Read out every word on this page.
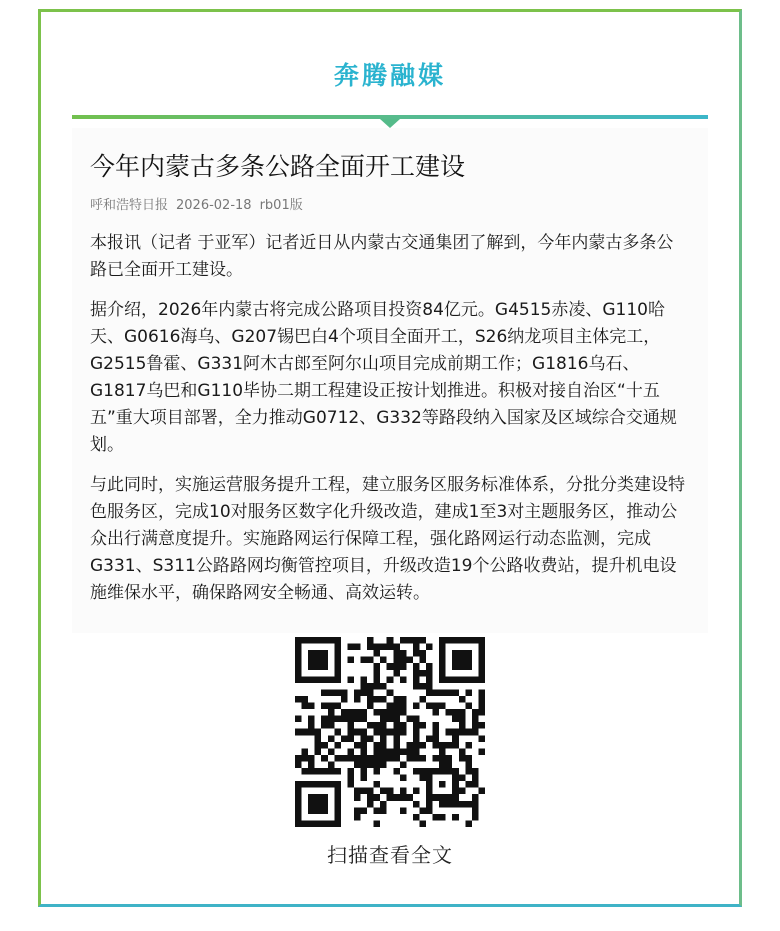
奔腾融媒
今年内蒙古多条公路全面开工建设
呼和浩特日报 2026-02-18 rb01版

本报讯（记者 于亚军）记者近日从内蒙古交通集团了解到，今年内蒙古多条公路已全面开工建设。

据介绍，2026年内蒙古将完成公路项目投资84亿元。G4515赤凌、G110哈天、G0616海乌、G207锡巴白4个项目全面开工，S26纳龙项目主体完工，G2515鲁霍、G331阿木古郎至阿尔山项目完成前期工作；G1816乌石、G1817乌巴和G110毕协二期工程建设正按计划推进。积极对接自治区“十五五”重大项目部署，全力推动G0712、G332等路段纳入国家及区域综合交通规划。

与此同时，实施运营服务提升工程，建立服务区服务标准体系，分批分类建设特色服务区，完成10对服务区数字化升级改造，建成1至3对主题服务区，推动公众出行满意度提升。实施路网运行保障工程，强化路网运行动态监测，完成G331、S311公路路网均衡管控项目，升级改造19个公路收费站，提升机电设施维保水平，确保路网安全畅通、高效运转。

扫描查看全文
